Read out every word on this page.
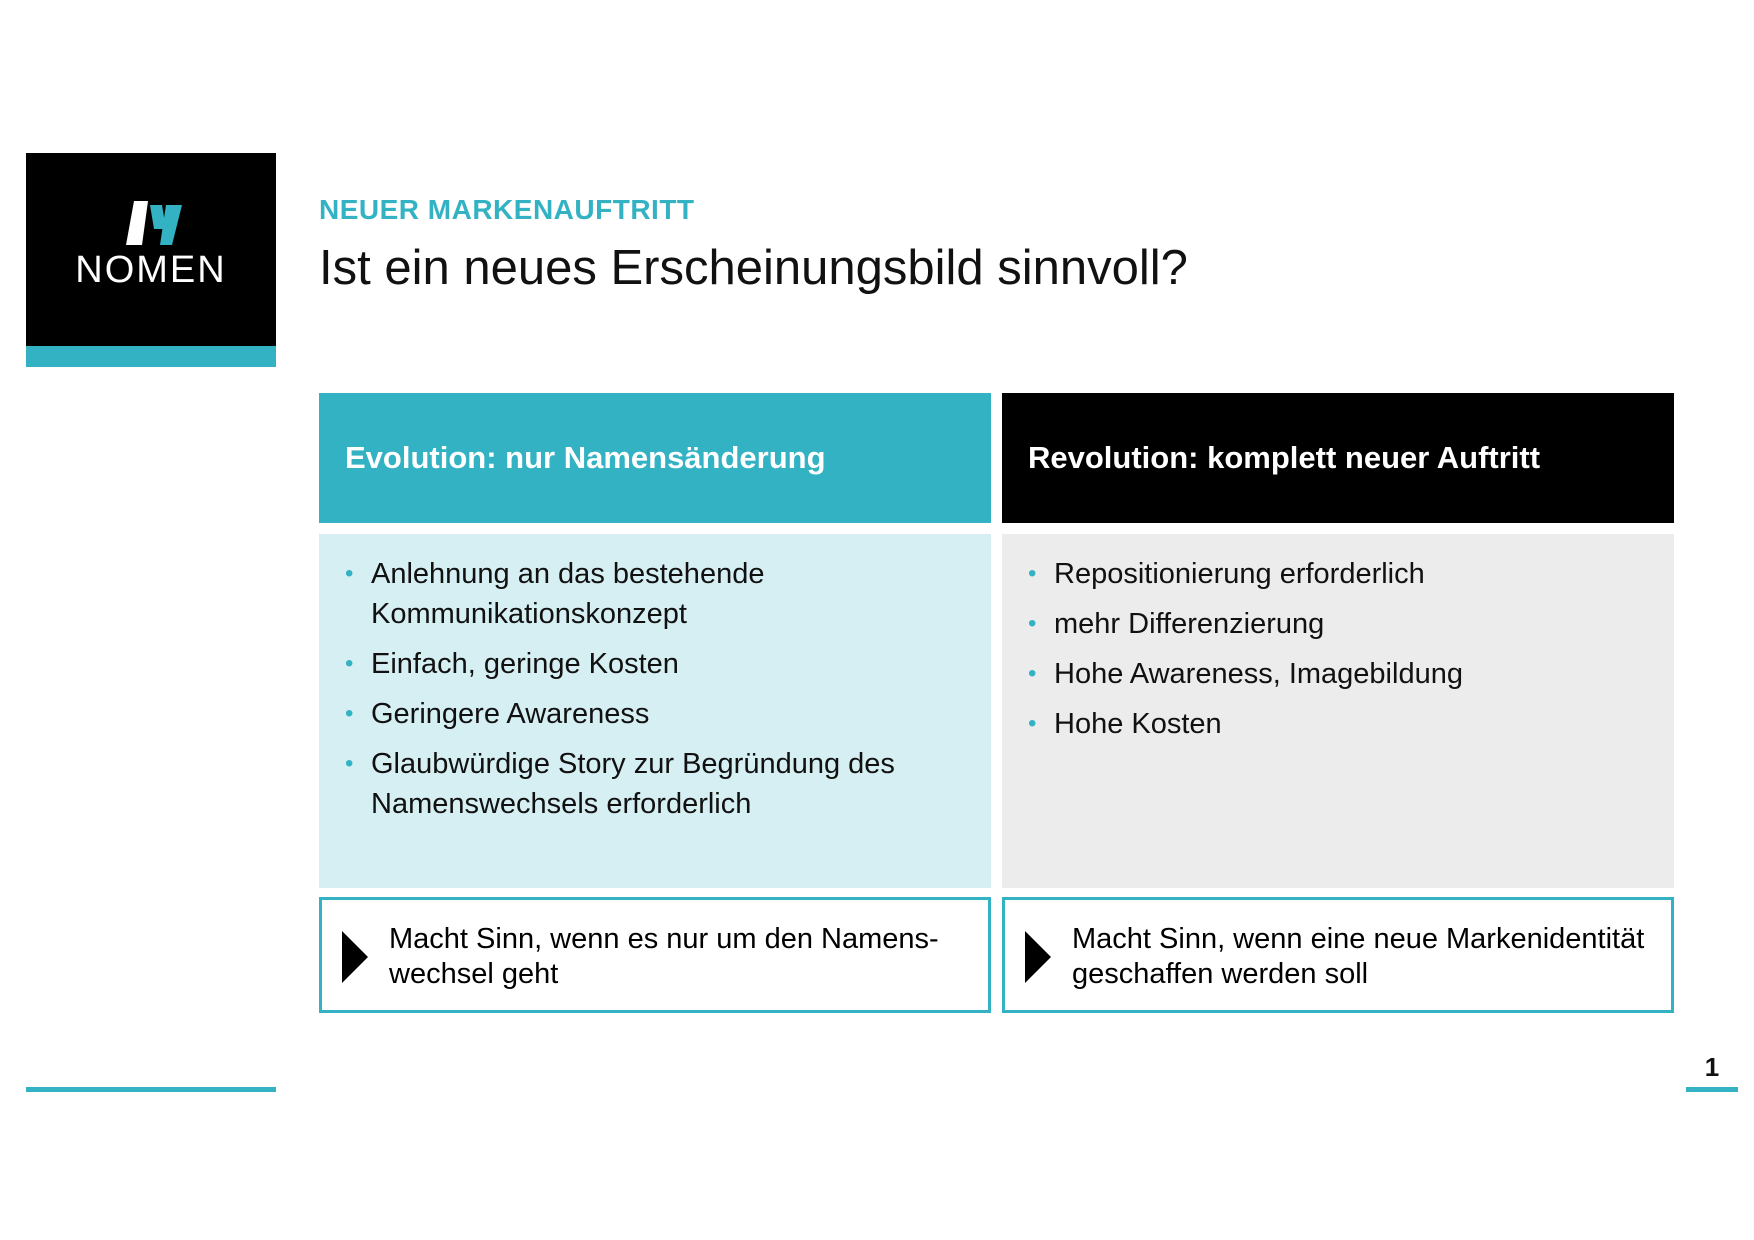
NOMEN
NEUER MARKENAUFTRITT
Ist ein neues Erscheinungsbild sinnvoll?
Evolution: nur Namensänderung
• Anlehnung an das bestehende Kommunikationskonzept
• Einfach, geringe Kosten
• Geringere Awareness
• Glaubwürdige Story zur Begründung des Namenswechsels erforderlich
Macht Sinn, wenn es nur um den Namens-wechsel geht
Revolution: komplett neuer Auftritt
• Repositionierung erforderlich
• mehr Differenzierung
• Hohe Awareness, Imagebildung
• Hohe Kosten
Macht Sinn, wenn eine neue Markenidentität geschaffen werden soll
1
